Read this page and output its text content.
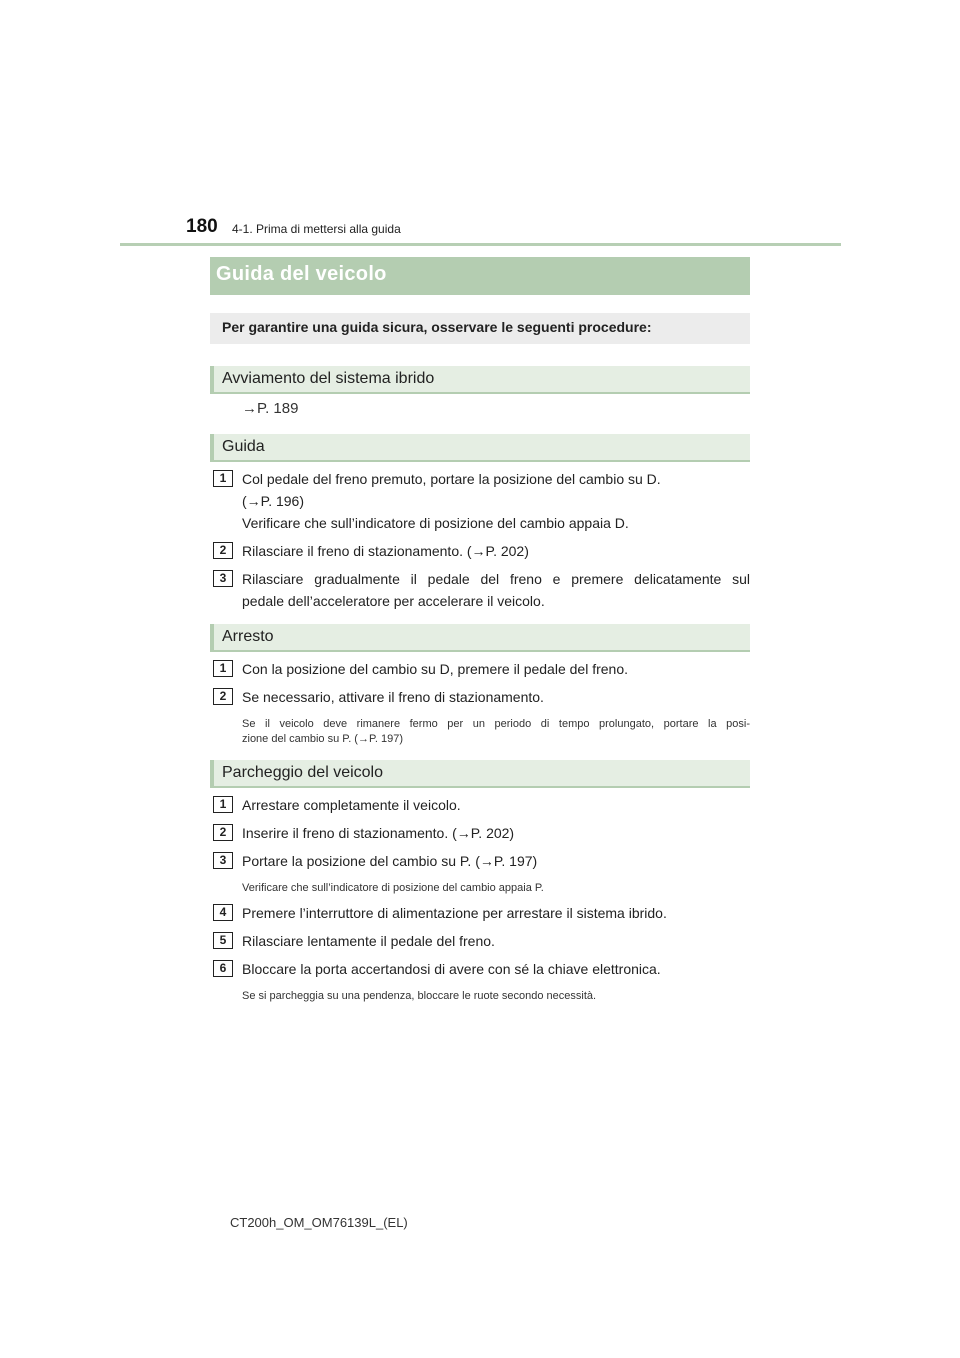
180 4-1. Prima di mettersi alla guida
Guida del veicolo
Per garantire una guida sicura, osservare le seguenti procedure:
Avviamento del sistema ibrido
→P. 189
Guida
1	Col pedale del freno premuto, portare la posizione del cambio su D.
(→P. 196)
Verificare che sull’indicatore di posizione del cambio appaia D.
2	Rilasciare il freno di stazionamento. (→P. 202)
3	Rilasciare gradualmente il pedale del freno e premere delicatamente sul
pedale dell’acceleratore per accelerare il veicolo.
Arresto
1	Con la posizione del cambio su D, premere il pedale del freno.
2	Se necessario, attivare il freno di stazionamento.
Se il veicolo deve rimanere fermo per un periodo di tempo prolungato, portare la posi-
zione del cambio su P. (→P. 197)
Parcheggio del veicolo
1	Arrestare completamente il veicolo.
2	Inserire il freno di stazionamento. (→P. 202)
3	Portare la posizione del cambio su P. (→P. 197)
Verificare che sull’indicatore di posizione del cambio appaia P.
4	Premere l’interruttore di alimentazione per arrestare il sistema ibrido.
5	Rilasciare lentamente il pedale del freno.
6	Bloccare la porta accertandosi di avere con sé la chiave elettronica.
Se si parcheggia su una pendenza, bloccare le ruote secondo necessità.
CT200h_OM_OM76139L_(EL)
